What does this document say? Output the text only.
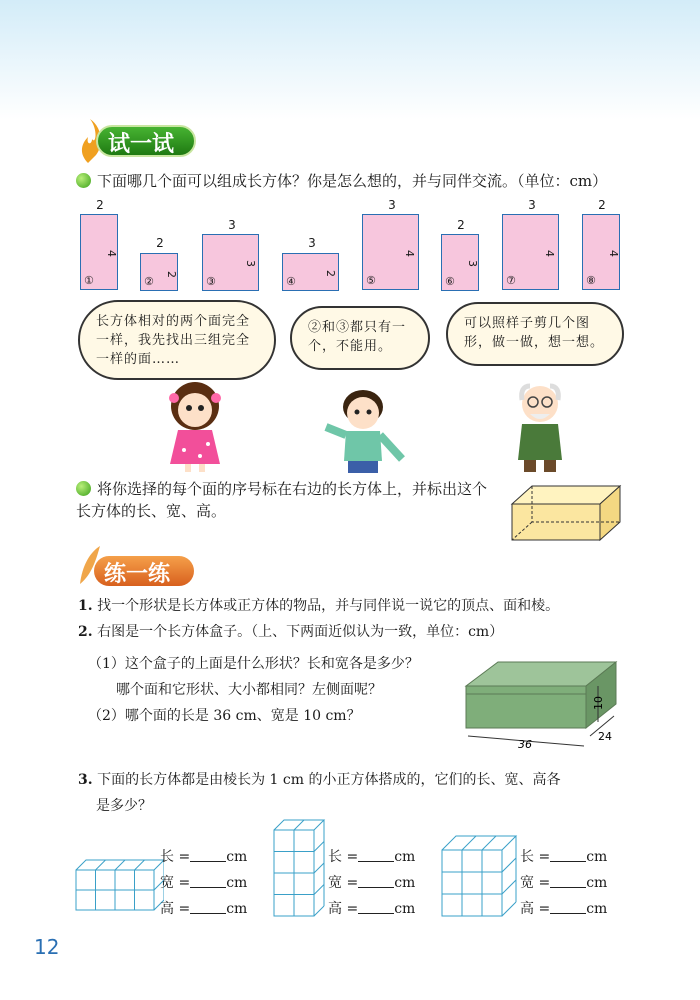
试一试
下面哪几个面可以组成长方体？你是怎么想的，并与同伴交流。（单位：cm）
2
4
①
2
2
②
3
3
③
3
2
④
3
4
⑤
2
3
⑥
3
4
⑦
2
4
⑧
长方体相对的两个面完全一样，我先找出三组完全一样的面……
②和③都只有一个，不能用。
可以照样子剪几个图形，做一做，想一想。
将你选择的每个面的序号标在右边的长方体上，并标出这个长方体的长、宽、高。
练一练
1. 找一个形状是长方体或正方体的物品，并与同伴说一说它的顶点、面和棱。
2. 右图是一个长方体盒子。（上、下两面近似认为一致，单位：cm）
（1）这个盒子的上面是什么形状？长和宽各是多少？
哪个面和它形状、大小都相同？左侧面呢？
（2）哪个面的长是 36 cm、宽是 10 cm？
36
10
24
3. 下面的长方体都是由棱长为 1 cm 的小正方体搭成的，它们的长、宽、高各
是多少？
长 =	cm
宽 =	cm
高 =	cm
长 =	cm
宽 =	cm
高 =	cm
长 =	cm
宽 =	cm
高 =	cm
12
